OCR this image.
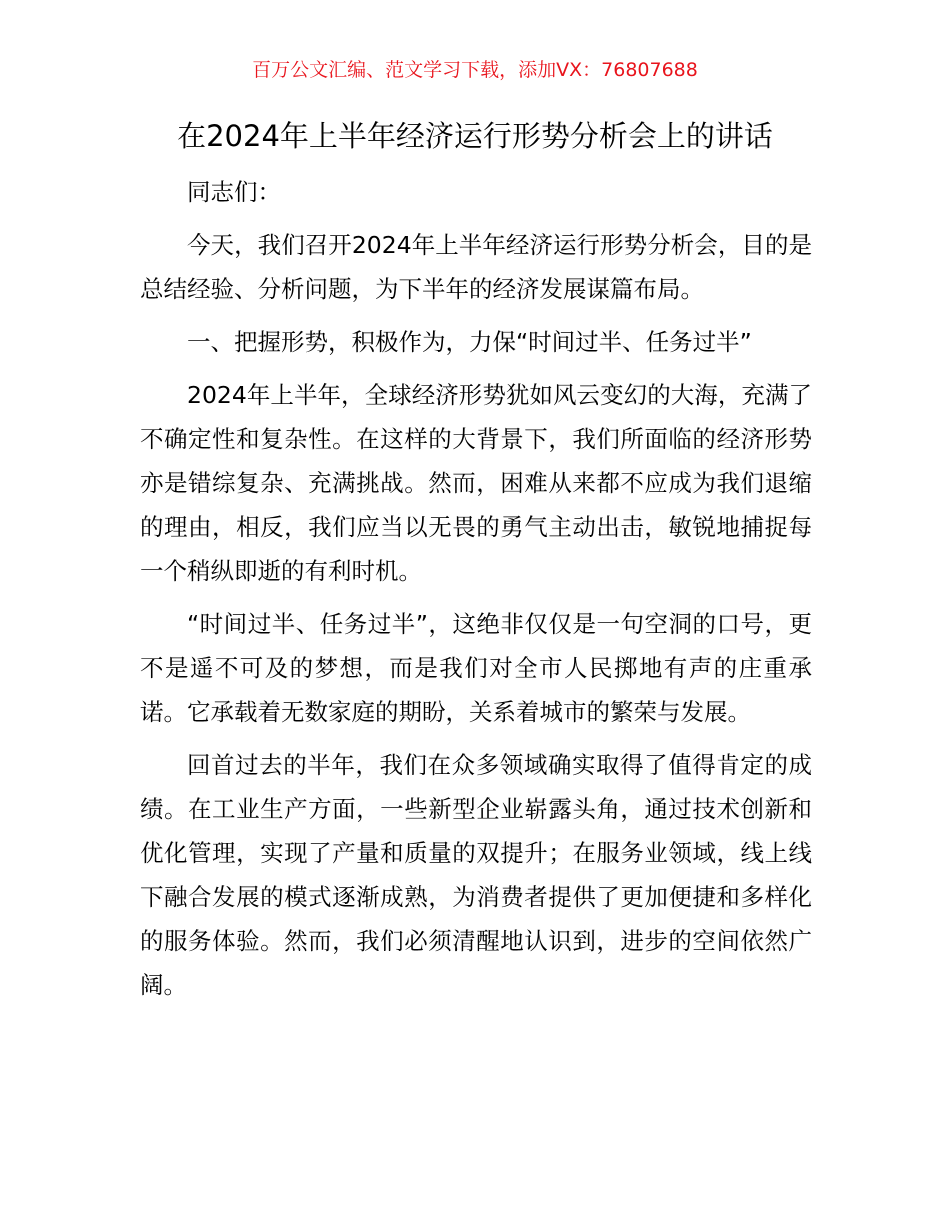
百万公文汇编、范文学习下载，添加VX：76807688
在2024年上半年经济运行形势分析会上的讲话

同志们：

今天，我们召开2024年上半年经济运行形势分析会，目的是总结经验、分析问题，为下半年的经济发展谋篇布局。

一、把握形势，积极作为，力保“时间过半、任务过半”

2024年上半年，全球经济形势犹如风云变幻的大海，充满了不确定性和复杂性。在这样的大背景下，我们所面临的经济形势亦是错综复杂、充满挑战。然而，困难从来都不应成为我们退缩的理由，相反，我们应当以无畏的勇气主动出击，敏锐地捕捉每一个稍纵即逝的有利时机。

“时间过半、任务过半”，这绝非仅仅是一句空洞的口号，更不是遥不可及的梦想，而是我们对全市人民掷地有声的庄重承诺。它承载着无数家庭的期盼，关系着城市的繁荣与发展。

回首过去的半年，我们在众多领域确实取得了值得肯定的成绩。在工业生产方面，一些新型企业崭露头角，通过技术创新和优化管理，实现了产量和质量的双提升；在服务业领域，线上线下融合发展的模式逐渐成熟，为消费者提供了更加便捷和多样化的服务体验。然而，我们必须清醒地认识到，进步的空间依然广阔。
